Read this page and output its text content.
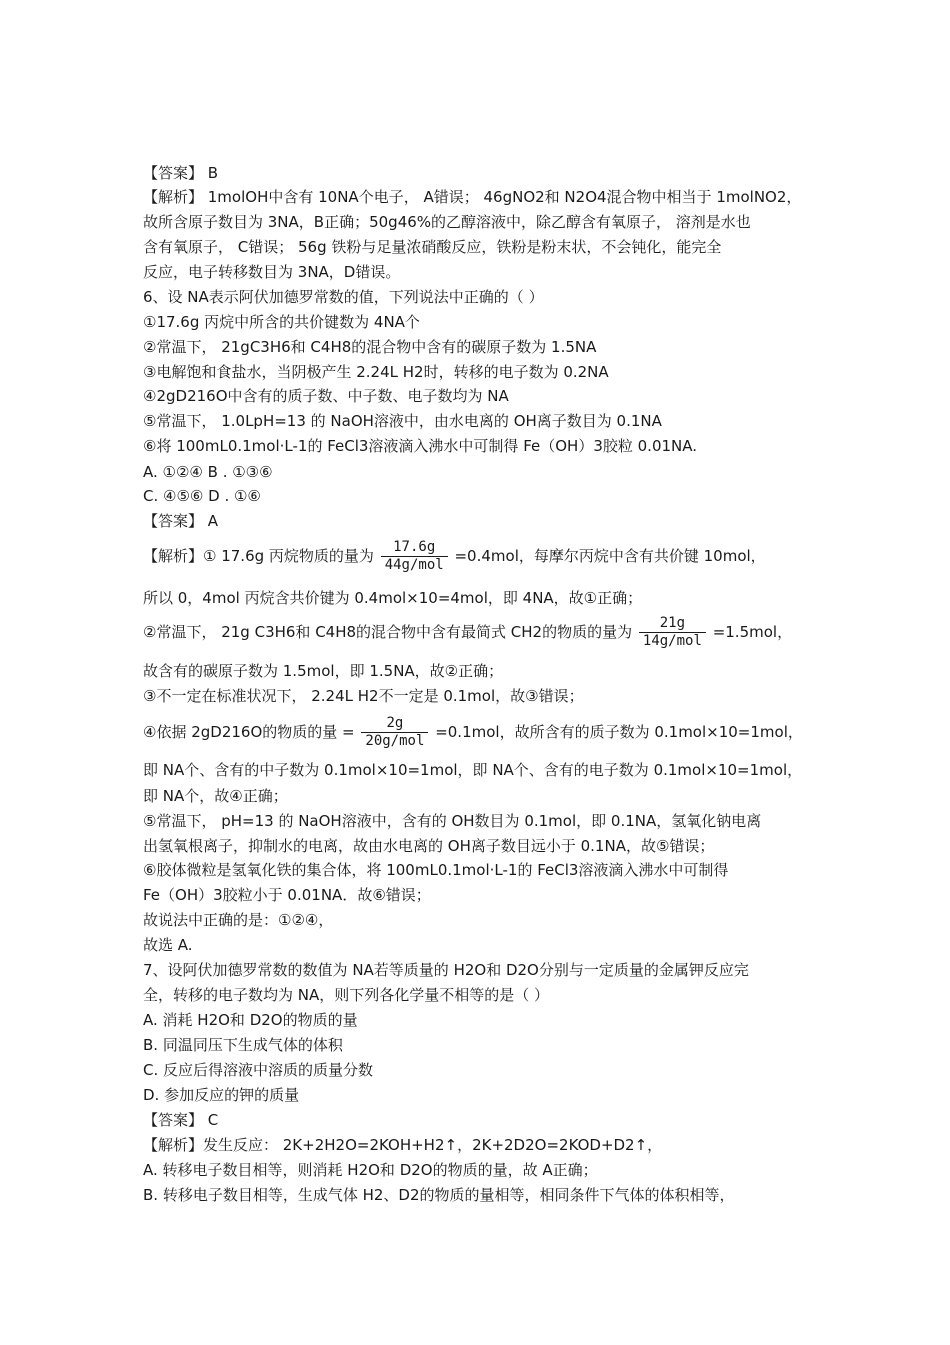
【答案】 B
【解析】 1molOH中含有 10NA个电子， A错误； 46gNO2和 N2O4混合物中相当于 1molNO2，
故所含原子数目为 3NA，B正确；50g46%的乙醇溶液中，除乙醇含有氧原子， 溶剂是水也
含有氧原子， C错误； 56g 铁粉与足量浓硝酸反应，铁粉是粉末状，不会钝化，能完全
反应，电子转移数目为 3NA，D错误。
6、设 NA表示阿伏加德罗常数的值，下列说法中正确的（ ）
①17.6g 丙烷中所含的共价键数为 4NA个
②常温下， 21gC3H6和 C4H8的混合物中含有的碳原子数为 1.5NA
③电解饱和食盐水，当阴极产生 2.24L H2时，转移的电子数为 0.2NA
④2gD216O中含有的质子数、中子数、电子数均为 NA
⑤常温下， 1.0LpH=13 的 NaOH溶液中，由水电离的 OH离子数目为 0.1NA
⑥将 100mL0.1mol·L-1的 FeCl3溶液滴入沸水中可制得 Fe（OH）3胶粒 0.01NA.
A. ①②④ B . ①③⑥
C. ④⑤⑥ D . ①⑥
【答案】 A
【解析】① 17.6g 丙烷物质的量为 $\frac{17.6g}{\text{44g/mol}} =0.4mol$，每摩尔丙烷中含有共价键 10mol，
所以 0，4mol 丙烷含共价键为 0.4mol×10=4mol，即 4NA，故①正确；
②常温下， 21g C3H6和 C4H8的混合物中含有最简式 CH2的物质的量为 $\frac{21g}{\text{14g/mol}} =1.5mol$，
故含有的碳原子数为 1.5mol，即 1.5NA，故②正确；
③不一定在标准状况下， 2.24L H2不一定是 0.1mol，故③错误；
④依据 2gD216O的物质的量 = $\frac{2g}{\text{20g/mol}} =0.1mol$，故所含有的质子数为 0.1mol×10=1mol，
即 NA个、含有的中子数为 0.1mol×10=1mol，即 NA个、含有的电子数为 0.1mol×10=1mol，
即 NA个，故④正确；
⑤常温下， pH=13 的 NaOH溶液中，含有的 OH数目为 0.1mol，即 0.1NA，氢氧化钠电离
出氢氧根离子，抑制水的电离，故由水电离的 OH离子数目远小于 0.1NA，故⑤错误；
⑥胶体微粒是氢氧化铁的集合体，将 100mL0.1mol·L-1的 FeCl3溶液滴入沸水中可制得
Fe（OH）3胶粒小于 0.01NA．故⑥错误；
故说法中正确的是：①②④，
故选 A.
7、设阿伏加德罗常数的数值为 NA若等质量的 H2O和 D2O分别与一定质量的金属钾反应完
全，转移的电子数均为 NA，则下列各化学量不相等的是（ ）
A. 消耗 H2O和 D2O的物质的量
B. 同温同压下生成气体的体积
C. 反应后得溶液中溶质的质量分数
D. 参加反应的钾的质量
【答案】 C
【解析】发生反应： 2K+2H2O=2KOH+H2↑，2K+2D2O=2KOD+D2↑，
A. 转移电子数目相等，则消耗 H2O和 D2O的物质的量，故 A正确；
B. 转移电子数目相等，生成气体 H2、D2的物质的量相等，相同条件下气体的体积相等，
